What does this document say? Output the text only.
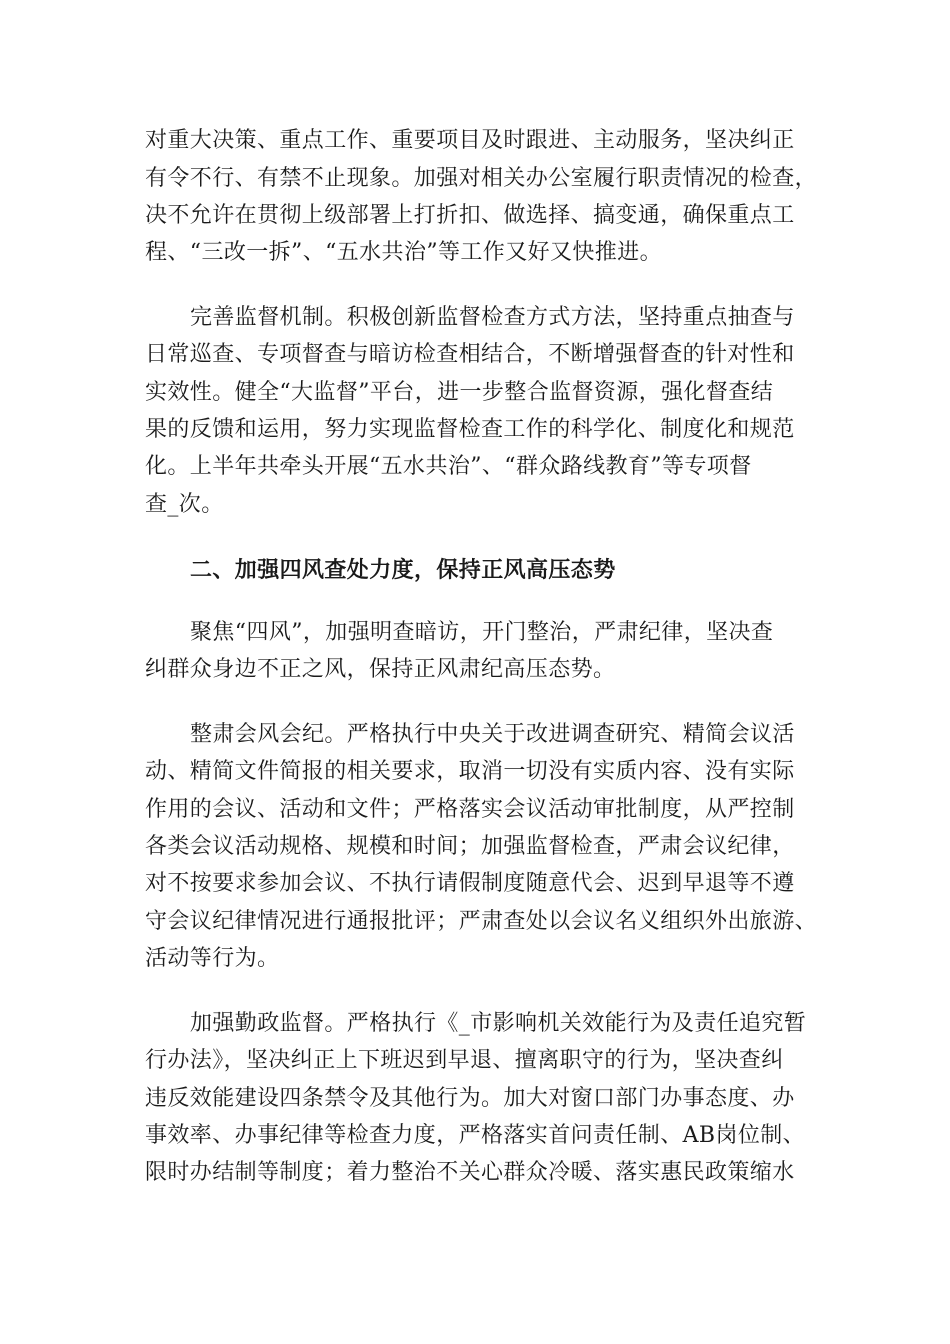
对重大决策、重点工作、重要项目及时跟进、主动服务，坚决纠正
有令不行、有禁不止现象。加强对相关办公室履行职责情况的检查，
决不允许在贯彻上级部署上打折扣、做选择、搞变通，确保重点工
程、“三改一拆”、“五水共治”等工作又好又快推进。
完善监督机制。积极创新监督检查方式方法，坚持重点抽查与
日常巡查、专项督查与暗访检查相结合，不断增强督查的针对性和
实效性。健全“大监督”平台，进一步整合监督资源，强化督查结
果的反馈和运用，努力实现监督检查工作的科学化、制度化和规范
化。上半年共牵头开展“五水共治”、“群众路线教育”等专项督
查_次。
二、加强四风查处力度，保持正风高压态势
聚焦“四风”，加强明查暗访，开门整治，严肃纪律，坚决查
纠群众身边不正之风，保持正风肃纪高压态势。
整肃会风会纪。严格执行中央关于改进调查研究、精简会议活
动、精简文件简报的相关要求，取消一切没有实质内容、没有实际
作用的会议、活动和文件；严格落实会议活动审批制度，从严控制
各类会议活动规格、规模和时间；加强监督检查，严肃会议纪律，
对不按要求参加会议、不执行请假制度随意代会、迟到早退等不遵
守会议纪律情况进行通报批评；严肃查处以会议名义组织外出旅游、
活动等行为。
加强勤政监督。严格执行《_市影响机关效能行为及责任追究暂
行办法》，坚决纠正上下班迟到早退、擅离职守的行为，坚决查纠
违反效能建设四条禁令及其他行为。加大对窗口部门办事态度、办
事效率、办事纪律等检查力度，严格落实首问责任制、AB岗位制、
限时办结制等制度；着力整治不关心群众冷暖、落实惠民政策缩水
